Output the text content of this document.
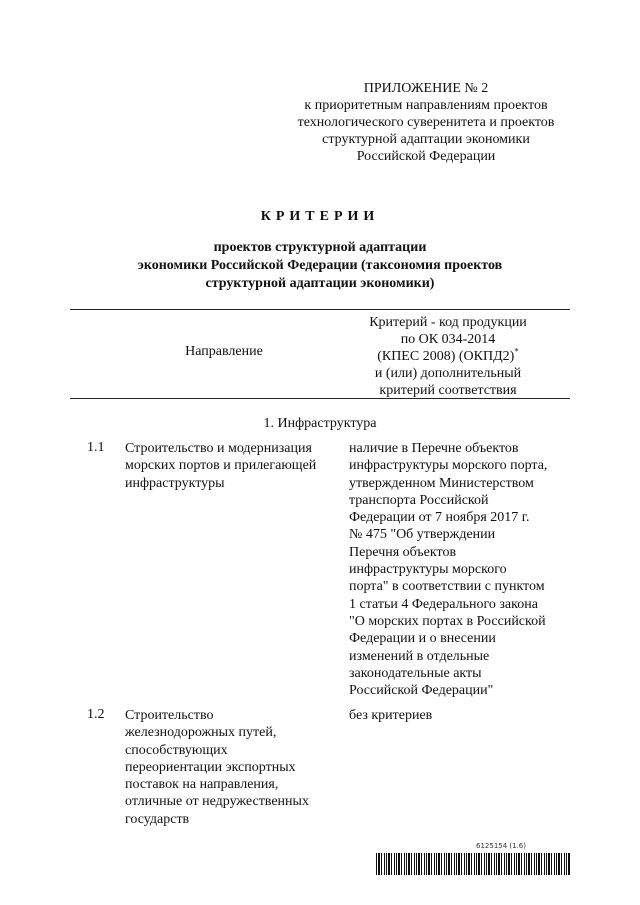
ПРИЛОЖЕНИЕ № 2
к приоритетным направлениям проектов
технологического суверенитета и проектов
структурной адаптации экономики
Российской Федерации
КРИТЕРИИ
проектов структурной адаптации
экономики Российской Федерации (таксономия проектов
структурной адаптации экономики)
Направление
Критерий - код продукции
по ОК 034-2014
(КПЕС 2008) (ОКПД2)*
и (или) дополнительный
критерий соответствия
1. Инфраструктура
1.1 Строительство и модернизация
морских портов и прилегающей
инфраструктуры
наличие в Перечне объектов
инфраструктуры морского порта,
утвержденном Министерством
транспорта Российской
Федерации от 7 ноября 2017 г.
№ 475 "Об утверждении
Перечня объектов
инфраструктуры морского
порта" в соответствии с пунктом
1 статьи 4 Федерального закона
"О морских портах в Российской
Федерации и о внесении
изменений в отдельные
законодательные акты
Российской Федерации"
1.2 Строительство
железнодорожных путей,
способствующих
переориентации экспортных
поставок на направления,
отличные от недружественных
государств
без критериев
6125154 (1.6)
